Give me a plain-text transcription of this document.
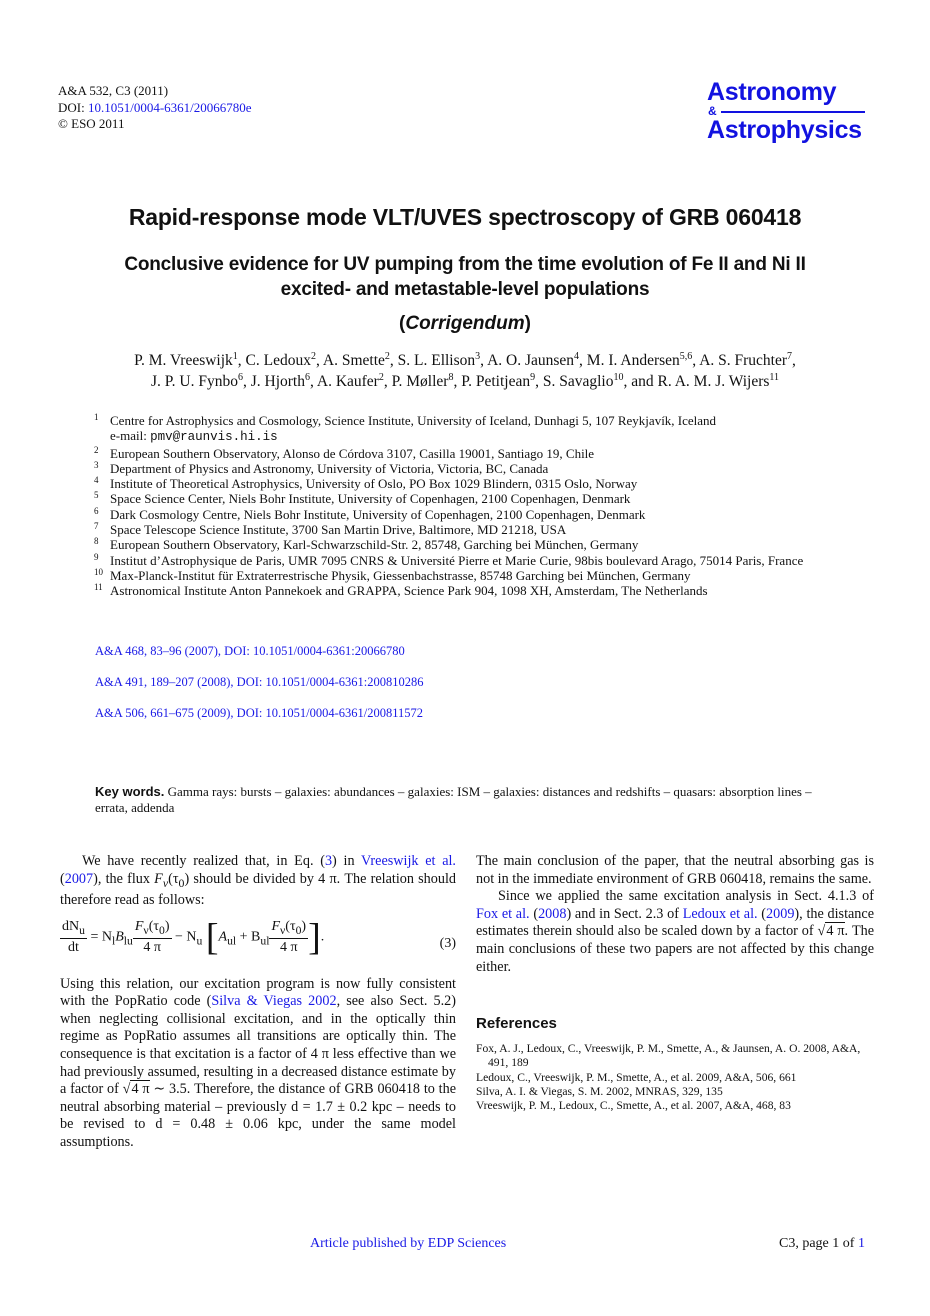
A&A 532, C3 (2011)
DOI: 10.1051/0004-6361/20066780e
© ESO 2011
Astronomy
&
Astrophysics
Rapid-response mode VLT/UVES spectroscopy of GRB 060418
Conclusive evidence for UV pumping from the time evolution of Fe II and Ni II
excited- and metastable-level populations
(Corrigendum)
P. M. Vreeswijk$^1$, C. Ledoux$^2$, A. Smette$^2$, S. L. Ellison$^3$, A. O. Jaunsen$^4$, M. I. Andersen$^{5,6}$, A. S. Fruchter$^7$,
J. P. U. Fynbo$^6$, J. Hjorth$^6$, A. Kaufer$^2$, P. Møller$^8$, P. Petitjean$^9$, S. Savaglio$^{10}$, and R. A. M. J. Wijers$^{11}$
1 Centre for Astrophysics and Cosmology, Science Institute, University of Iceland, Dunhagi 5, 107 Reykjavík, Iceland
e-mail: pmv@raunvis.hi.is
2 European Southern Observatory, Alonso de Córdova 3107, Casilla 19001, Santiago 19, Chile
3 Department of Physics and Astronomy, University of Victoria, Victoria, BC, Canada
4 Institute of Theoretical Astrophysics, University of Oslo, PO Box 1029 Blindern, 0315 Oslo, Norway
5 Space Science Center, Niels Bohr Institute, University of Copenhagen, 2100 Copenhagen, Denmark
6 Dark Cosmology Centre, Niels Bohr Institute, University of Copenhagen, 2100 Copenhagen, Denmark
7 Space Telescope Science Institute, 3700 San Martin Drive, Baltimore, MD 21218, USA
8 European Southern Observatory, Karl-Schwarzschild-Str. 2, 85748, Garching bei München, Germany
9 Institut d’Astrophysique de Paris, UMR 7095 CNRS & Université Pierre et Marie Curie, 98bis boulevard Arago, 75014 Paris, France
10 Max-Planck-Institut für Extraterrestrische Physik, Giessenbachstrasse, 85748 Garching bei München, Germany
11 Astronomical Institute Anton Pannekoek and GRAPPA, Science Park 904, 1098 XH, Amsterdam, The Netherlands
A&A 468, 83–96 (2007), DOI: 10.1051/0004-6361:20066780
A&A 491, 189–207 (2008), DOI: 10.1051/0004-6361:200810286
A&A 506, 661–675 (2009), DOI: 10.1051/0004-6361/200811572
Key words. Gamma rays: bursts – galaxies: abundances – galaxies: ISM – galaxies: distances and redshifts – quasars: absorption lines – errata, addenda
We have recently realized that, in Eq. (3) in Vreeswijk et al. (2007), the flux $F_\nu(\tau_0)$ should be divided by 4 π. The relation should therefore read as follows:
$\frac{dN_u}{dt} = N_lB_{lu} \frac{F_\nu(\tau_0)}{4 \pi} - N_u$ [$A_{ul} + B_{ul} \frac{F_\nu(\tau_0)}{4 \pi}$ ].	(3)
Using this relation, our excitation program is now fully consistent with the PopRatio code (Silva & Viegas 2002, see also Sect. 5.2) when neglecting collisional excitation, and in the optically thin regime as PopRatio assumes all transitions are optically thin. The consequence is that excitation is a factor of 4 π less effective than we had previously assumed, resulting in a decreased distance estimate by a factor of √4 π ∼ 3.5. Therefore, the distance of GRB 060418 to the neutral absorbing material – previously d = 1.7 ± 0.2 kpc – needs to be revised to d = 0.48 ± 0.06 kpc, under the same model assumptions.
The main conclusion of the paper, that the neutral absorbing gas is not in the immediate environment of GRB 060418, remains the same.
Since we applied the same excitation analysis in Sect. 4.1.3 of Fox et al. (2008) and in Sect. 2.3 of Ledoux et al. (2009), the distance estimates therein should also be scaled down by a factor of √4 π. The main conclusions of these two papers are not affected by this change either.
References
Fox, A. J., Ledoux, C., Vreeswijk, P. M., Smette, A., & Jaunsen, A. O. 2008, A&A, 491, 189
Ledoux, C., Vreeswijk, P. M., Smette, A., et al. 2009, A&A, 506, 661
Silva, A. I. & Viegas, S. M. 2002, MNRAS, 329, 135
Vreeswijk, P. M., Ledoux, C., Smette, A., et al. 2007, A&A, 468, 83
Article published by EDP Sciences	C3, page 1 of 1
